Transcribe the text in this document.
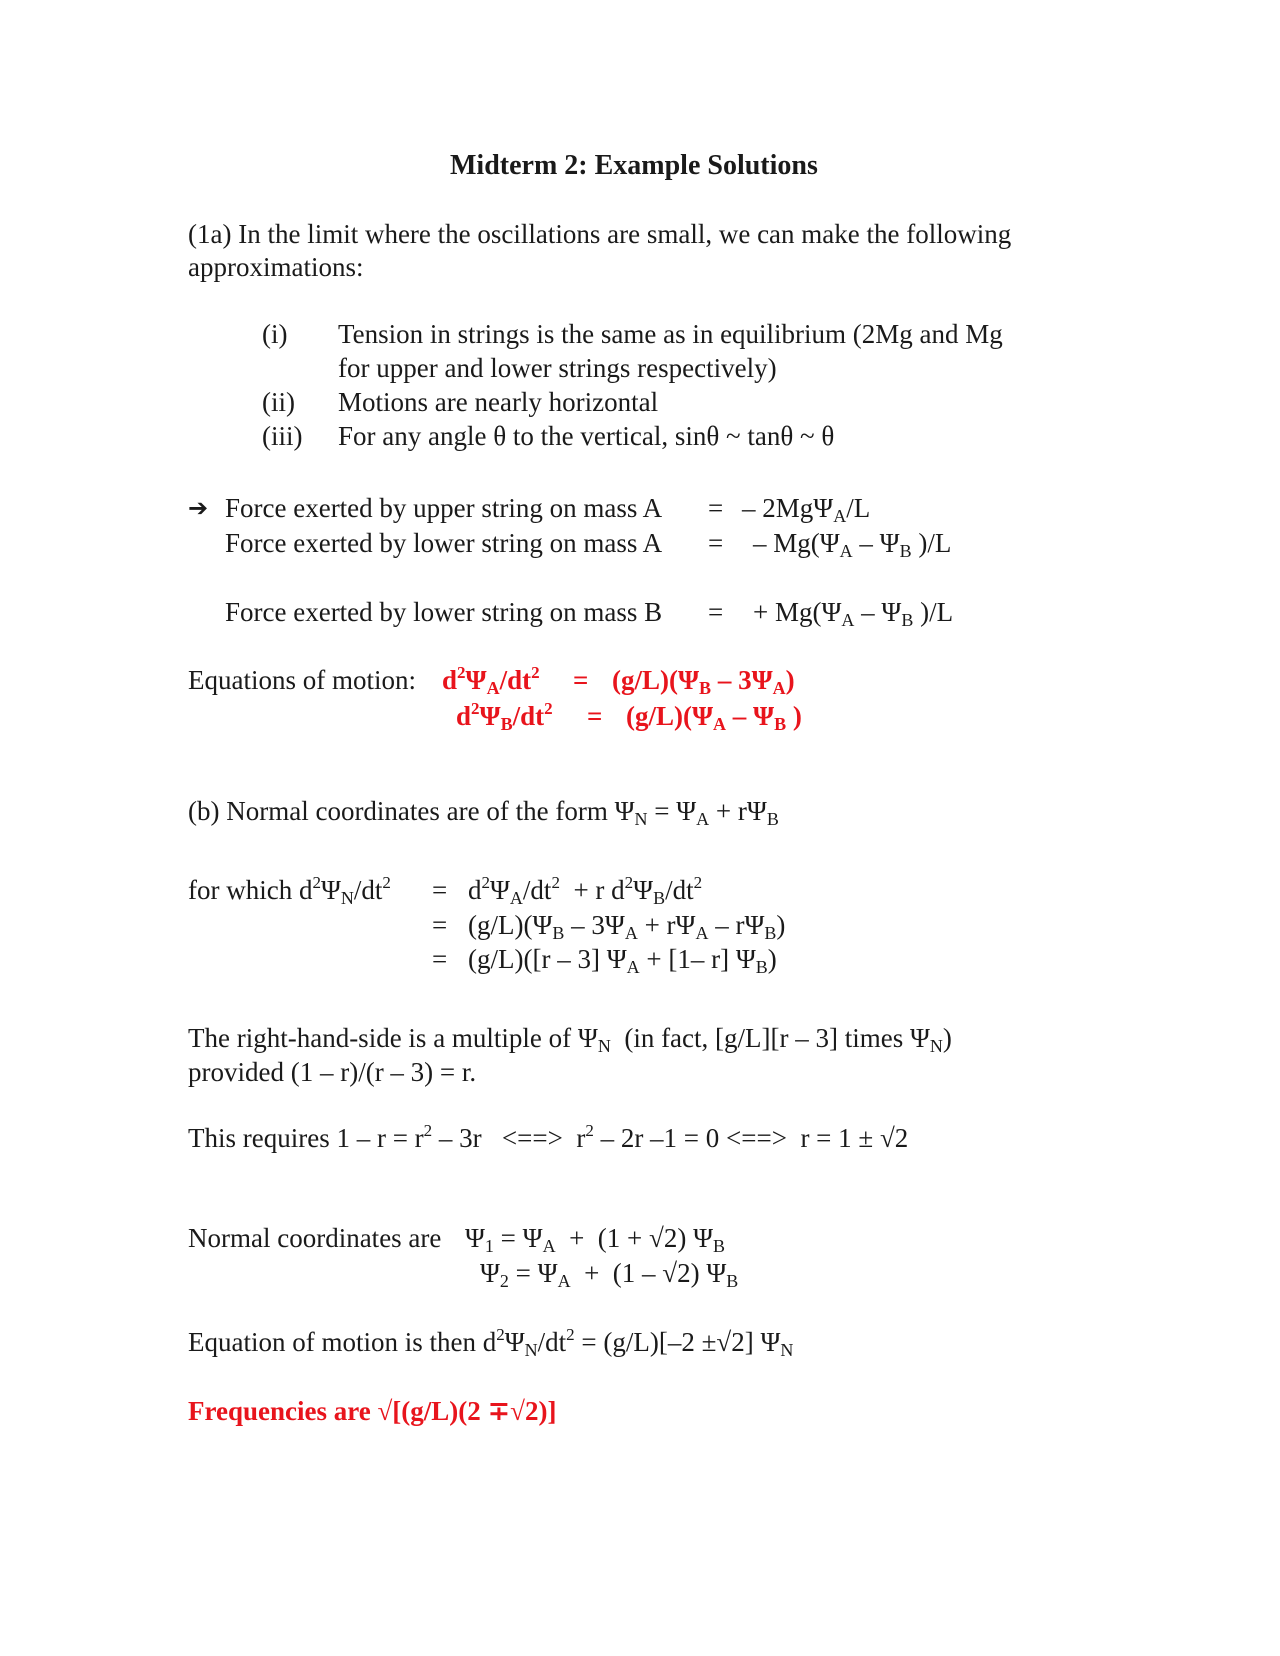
Midterm 2: Example Solutions
(1a) In the limit where the oscillations are small, we can make the following
approximations:
(i) Tension in strings is the same as in equilibrium (2Mg and Mg
for upper and lower strings respectively)
(ii) Motions are nearly horizontal
(iii) For any angle θ to the vertical, sinθ ~ tanθ ~ θ
➔ Force exerted by upper string on mass A = – 2MgΨ$_A$/L
Force exerted by lower string on mass A = – $Mg(\Psi_A - \Psi_B$ )/L
Force exerted by lower string on mass B = + $Mg(\Psi_A - \Psi_B$ )/L
Equations of motion: $d^2\Psi_A/dt^2 = (g/L)(\Psi_B - 3\Psi_A)$
$d^2\Psi_B/dt^2 = (g/L)(\Psi_A - \Psi_B$ )
(b) Normal coordinates are of the form $\Psi_N = \Psi_A + r\Psi_B$
for which $d^2\Psi_N/dt^2 = d^2\Psi_A/dt^2 + r$ $d^2\Psi_B/dt^2$
= $(g/L)(\Psi_B - 3\Psi_A + r\Psi_A - r\Psi_B)$
= (g/L)([r – 3] $\Psi_A + [1-$ r] $\Psi_B$)
The right-hand-side is a multiple of $\Psi_N$  (in fact, [g/L][r – 3] times $\Psi_N$)
provided (1 – r)/(r – 3) = r.
This requires $1 - r = r^2 - 3r$   <==>  $r^2 - 2r$ –1 = 0 <==>  r = 1 ± √2
Normal coordinates are $\Psi_1 = \Psi_A + (1 + √2)$ $\Psi_B$
$\Psi_2 = \Psi_A + (1 - √2)$ $\Psi_B$
Equation of motion is then $d^2\Psi_N/dt^2 = (g/L)[-2 \pm√2]$ $\Psi_N$
Frequencies are √[(g/L)(2 ∓√2)]
